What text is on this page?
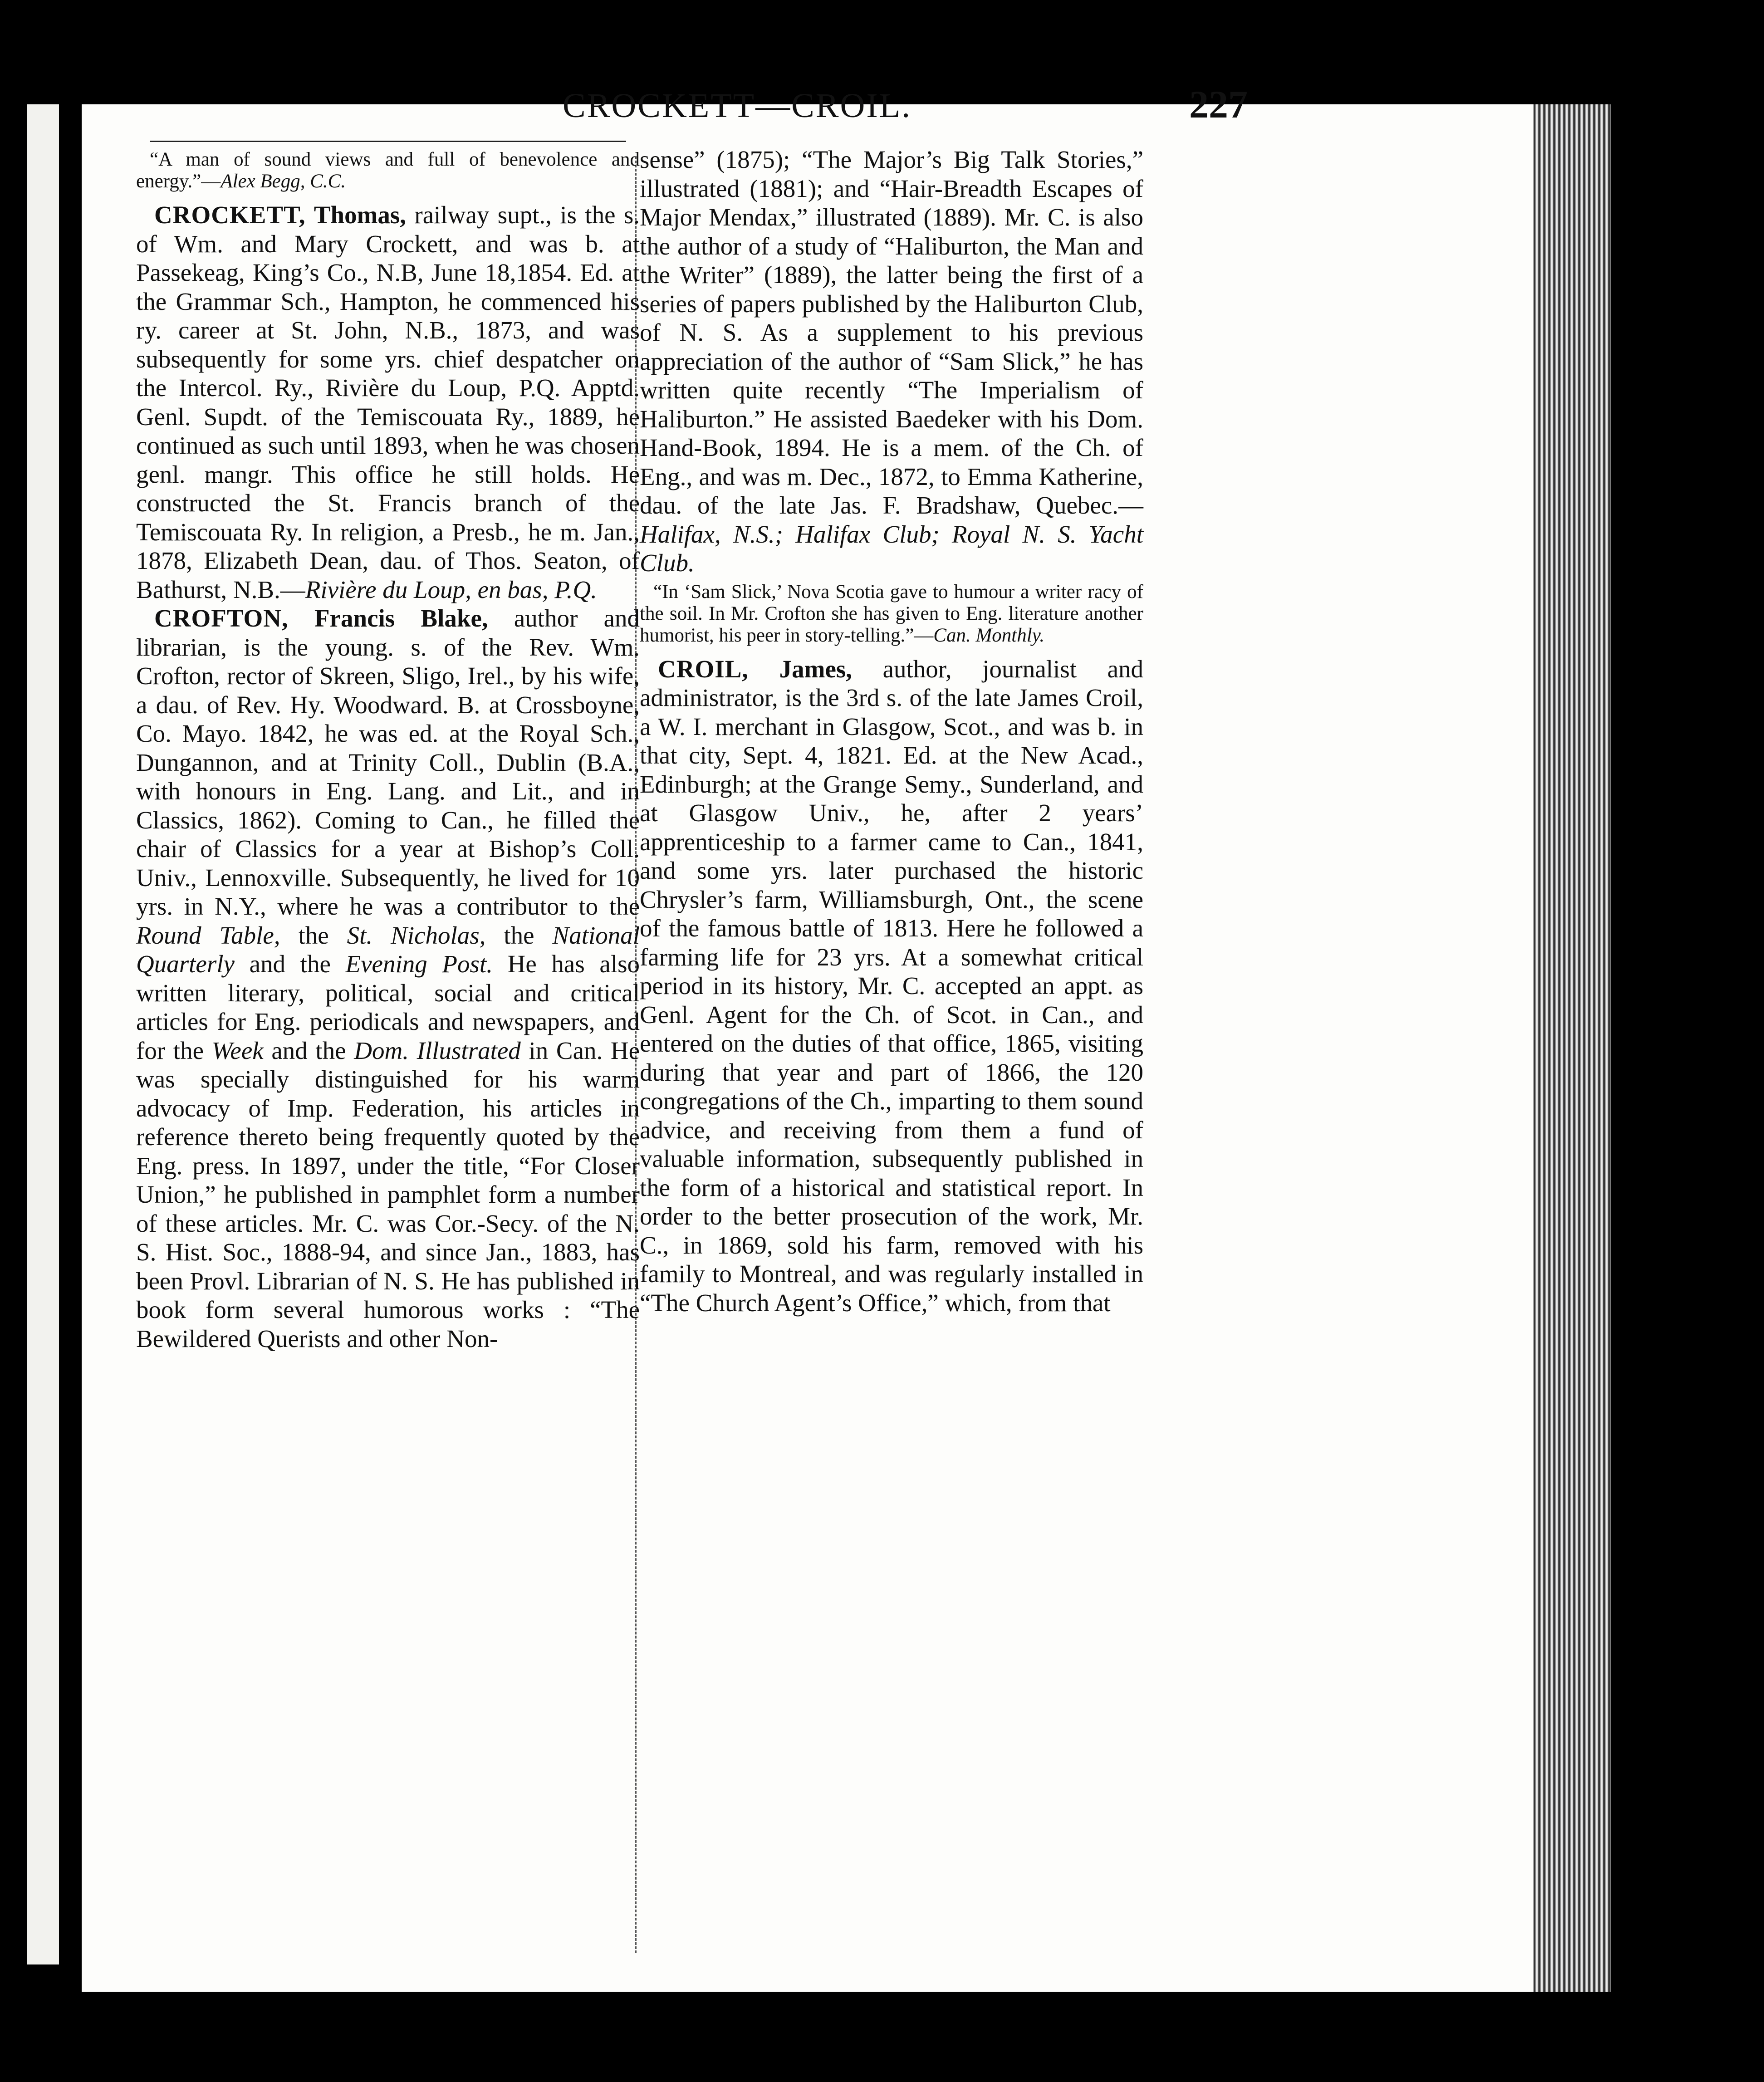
CROCKETT—CROIL.	227

“A man of sound views and full of benevolence and energy.”—Alex Begg, C.C.

CROCKETT, Thomas, railway supt., is the s. of Wm. and Mary Crockett, and was b. at Passekeag, King’s Co., N.B, June 18,1854. Ed. at the Grammar Sch., Hampton, he commenced his ry. career at St. John, N.B., 1873, and was subsequently for some yrs. chief despatcher on the Intercol. Ry., Rivière du Loup, P.Q. Apptd. Genl. Supdt. of the Temiscouata Ry., 1889, he continued as such until 1893, when he was chosen genl. mangr. This office he still holds. He constructed the St. Francis branch of the Temiscouata Ry. In religion, a Presb., he m. Jan., 1878, Elizabeth Dean, dau. of Thos. Seaton, of Bathurst, N.B.—Rivière du Loup, en bas, P.Q.

CROFTON, Francis Blake, author and librarian, is the young. s. of the Rev. Wm. Crofton, rector of Skreen, Sligo, Irel., by his wife, a dau. of Rev. Hy. Woodward. B. at Crossboyne, Co. Mayo. 1842, he was ed. at the Royal Sch., Dungannon, and at Trinity Coll., Dublin (B.A., with honours in Eng. Lang. and Lit., and in Classics, 1862). Coming to Can., he filled the chair of Classics for a year at Bishop’s Coll. Univ., Lennoxville. Subsequently, he lived for 10 yrs. in N.Y., where he was a contributor to the Round Table, the St. Nicholas, the National Quarterly and the Evening Post. He has also written literary, political, social and critical articles for Eng. periodicals and newspapers, and for the Week and the Dom. Illustrated in Can. He was specially distinguished for his warm advocacy of Imp. Federation, his articles in reference thereto being frequently quoted by the Eng. press. In 1897, under the title, “For Closer Union,” he published in pamphlet form a number of these articles. Mr. C. was Cor.-Secy. of the N. S. Hist. Soc., 1888-94, and since Jan., 1883, has been Provl. Librarian of N. S. He has published in book form several humorous works : “The Bewildered Querists and other Non-

sense” (1875); “The Major’s Big Talk Stories,” illustrated (1881); and “Hair-Breadth Escapes of Major Mendax,” illustrated (1889). Mr. C. is also the author of a study of “Haliburton, the Man and the Writer” (1889), the latter being the first of a series of papers published by the Haliburton Club, of N. S. As a supplement to his previous appreciation of the author of “Sam Slick,” he has written quite recently “The Imperialism of Haliburton.” He assisted Baedeker with his Dom. Hand-Book, 1894. He is a mem. of the Ch. of Eng., and was m. Dec., 1872, to Emma Katherine, dau. of the late Jas. F. Bradshaw, Quebec.—Halifax, N.S.; Halifax Club; Royal N. S. Yacht Club.

“In ‘Sam Slick,’ Nova Scotia gave to humour a writer racy of the soil. In Mr. Crofton she has given to Eng. literature another humorist, his peer in story-telling.”—Can. Monthly.

CROIL, James, author, journalist and administrator, is the 3rd s. of the late James Croil, a W. I. merchant in Glasgow, Scot., and was b. in that city, Sept. 4, 1821. Ed. at the New Acad., Edinburgh; at the Grange Semy., Sunderland, and at Glasgow Univ., he, after 2 years’ apprenticeship to a farmer came to Can., 1841, and some yrs. later purchased the historic Chrysler’s farm, Williamsburgh, Ont., the scene of the famous battle of 1813. Here he followed a farming life for 23 yrs. At a somewhat critical period in its history, Mr. C. accepted an appt. as Genl. Agent for the Ch. of Scot. in Can., and entered on the duties of that office, 1865, visiting during that year and part of 1866, the 120 congregations of the Ch., imparting to them sound advice, and receiving from them a fund of valuable information, subsequently published in the form of a historical and statistical report. In order to the better prosecution of the work, Mr. C., in 1869, sold his farm, removed with his family to Montreal, and was regularly installed in “The Church Agent’s Office,” which, from that
